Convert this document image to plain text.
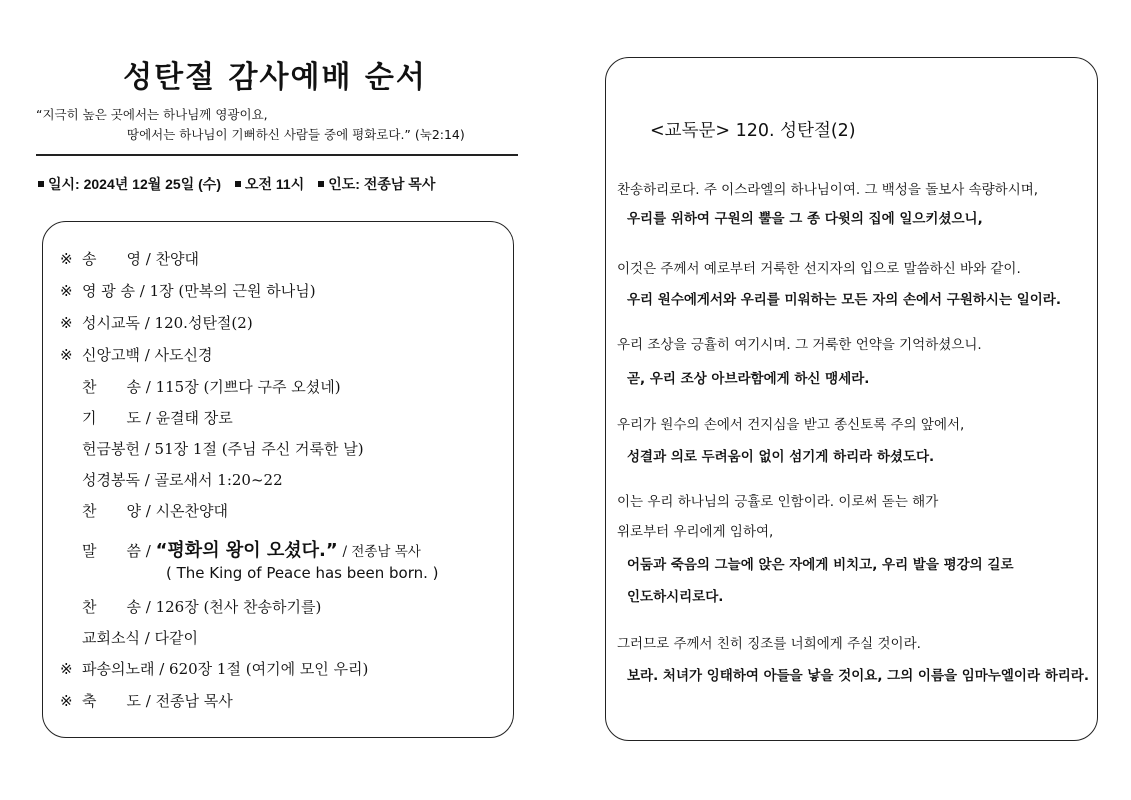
성탄절 감사예배 순서
“지극히 높은 곳에서는 하나님께 영광이요,
땅에서는 하나님이 기뻐하신 사람들 중에 평화로다.” (눅2:14)
일시: 2024년 12월 25일 (수) 오전 11시 인도: 전종남 목사
※ 송　　영 / 찬양대
※ 영 광 송 / 1장 (만복의 근원 하나님)
※ 성시교독 / 120.성탄절(2)
※ 신앙고백 / 사도신경
찬　　송 / 115장 (기쁘다 구주 오셨네)
기　　도 / 윤결태 장로
헌금봉헌 / 51장 1절 (주님 주신 거룩한 날)
성경봉독 / 골로새서 1:20~22
찬　　양 / 시온찬양대
말　　씀 / “평화의 왕이 오셨다.” / 전종남 목사
( The King of Peace has been born. )
찬　　송 / 126장 (천사 찬송하기를)
교회소식 / 다같이
※ 파송의노래 / 620장 1절 (여기에 모인 우리)
※ 축　　도 / 전종남 목사
<교독문> 120. 성탄절(2)
찬송하리로다. 주 이스라엘의 하나님이여. 그 백성을 돌보사 속량하시며,
우리를 위하여 구원의 뿔을 그 종 다윗의 집에 일으키셨으니,
이것은 주께서 예로부터 거룩한 선지자의 입으로 말씀하신 바와 같이.
우리 원수에게서와 우리를 미워하는 모든 자의 손에서 구원하시는 일이라.
우리 조상을 긍휼히 여기시며. 그 거룩한 언약을 기억하셨으니.
곧, 우리 조상 아브라함에게 하신 맹세라.
우리가 원수의 손에서 건지심을 받고 종신토록 주의 앞에서,
성결과 의로 두려움이 없이 섬기게 하리라 하셨도다.
이는 우리 하나님의 긍휼로 인함이라. 이로써 돋는 해가
위로부터 우리에게 임하여,
어둠과 죽음의 그늘에 앉은 자에게 비치고, 우리 발을 평강의 길로
인도하시리로다.
그러므로 주께서 친히 징조를 너희에게 주실 것이라.
보라. 처녀가 잉태하여 아들을 낳을 것이요, 그의 이름을 임마누엘이라 하리라.
